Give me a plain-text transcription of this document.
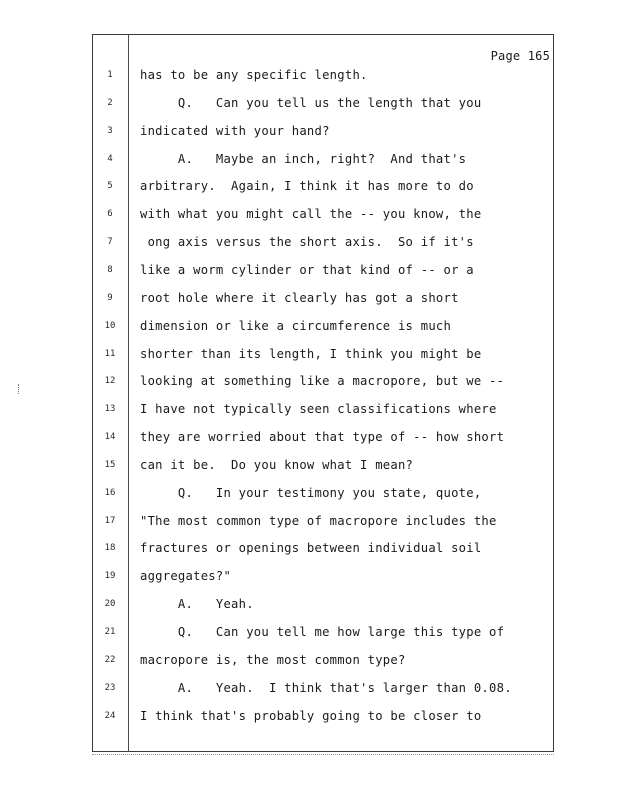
Page 165
1	has to be any specific length.
2	Q.   Can you tell us the length that you
3	indicated with your hand?
4	A.   Maybe an inch, right?  And that's
5	arbitrary.  Again, I think it has more to do
6	with what you might call the -- you know, the
7	ong axis versus the short axis.  So if it's
8	like a worm cylinder or that kind of -- or a
9	root hole where it clearly has got a short
10	dimension or like a circumference is much
11	shorter than its length, I think you might be
12	looking at something like a macropore, but we --
13	I have not typically seen classifications where
14	they are worried about that type of -- how short
15	can it be.  Do you know what I mean?
16	Q.   In your testimony you state, quote,
17	"The most common type of macropore includes the
18	fractures or openings between individual soil
19	aggregates?"
20	A.   Yeah.
21	Q.   Can you tell me how large this type of
22	macropore is, the most common type?
23	A.   Yeah.  I think that's larger than 0.08.
24	I think that's probably going to be closer to
